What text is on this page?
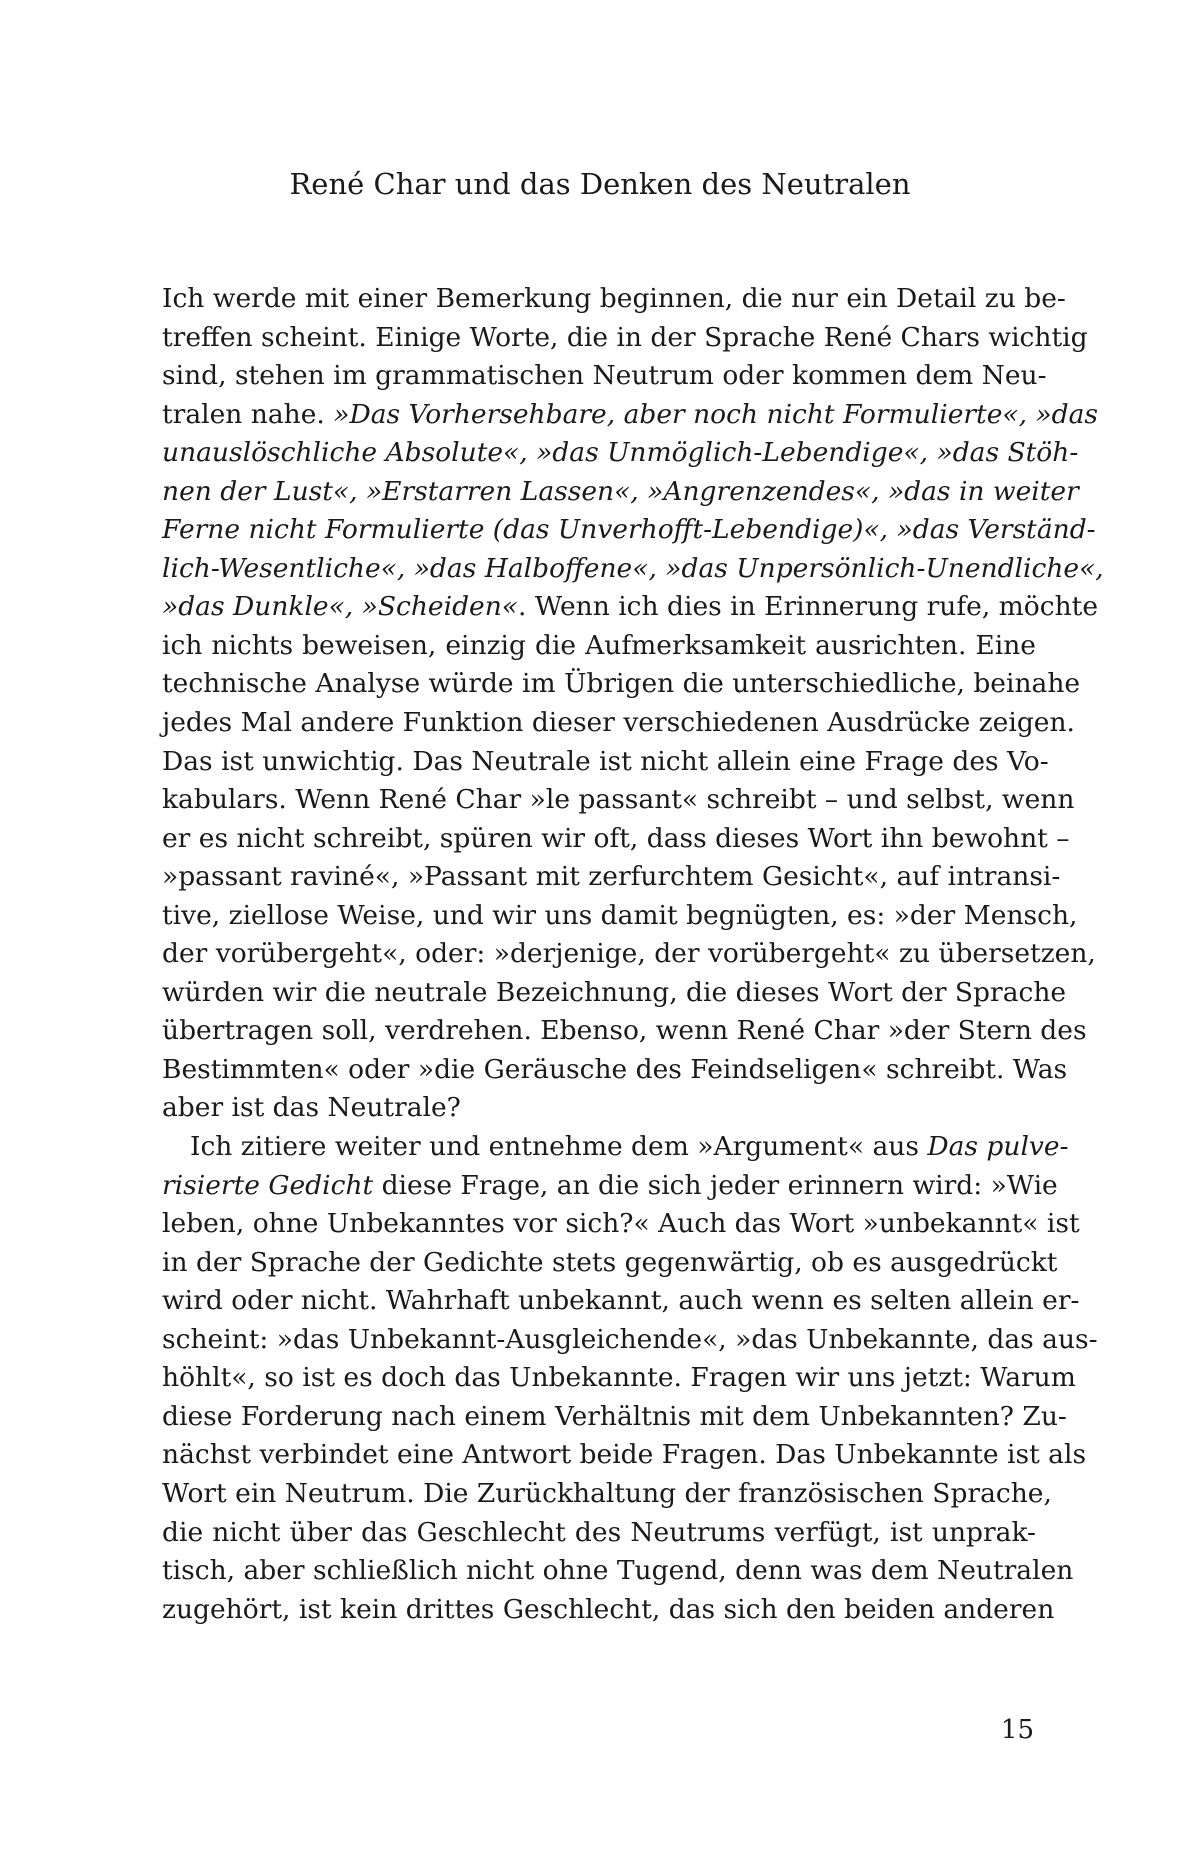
René Char und das Denken des Neutralen
Ich werde mit einer Bemerkung beginnen, die nur ein Detail zu be-
treffen scheint. Einige Worte, die in der Sprache René Chars wichtig
sind, stehen im grammatischen Neutrum oder kommen dem Neu-
tralen nahe. »Das Vorhersehbare, aber noch nicht Formulierte«, »das
unauslöschliche Absolute«, »das Unmöglich-Lebendige«, »das Stöh-
nen der Lust«, »Erstarren Lassen«, »Angrenzendes«, »das in weiter
Ferne nicht Formulierte (das Unverhofft-Lebendige)«, »das Verständ-
lich-Wesentliche«, »das Halboffene«, »das Unpersönlich-Unendliche«,
»das Dunkle«, »Scheiden«. Wenn ich dies in Erinnerung rufe, möchte
ich nichts beweisen, einzig die Aufmerksamkeit ausrichten. Eine
technische Analyse würde im Übrigen die unterschiedliche, beinahe
jedes Mal andere Funktion dieser verschiedenen Ausdrücke zeigen.
Das ist unwichtig. Das Neutrale ist nicht allein eine Frage des Vo-
kabulars. Wenn René Char »le passant« schreibt – und selbst, wenn
er es nicht schreibt, spüren wir oft, dass dieses Wort ihn bewohnt –
»passant raviné«, »Passant mit zerfurchtem Gesicht«, auf intransi-
tive, ziellose Weise, und wir uns damit begnügten, es: »der Mensch,
der vorübergeht«, oder: »derjenige, der vorübergeht« zu übersetzen,
würden wir die neutrale Bezeichnung, die dieses Wort der Sprache
übertragen soll, verdrehen. Ebenso, wenn René Char »der Stern des
Bestimmten« oder »die Geräusche des Feindseligen« schreibt. Was
aber ist das Neutrale?
Ich zitiere weiter und entnehme dem »Argument« aus Das pulve-
risierte Gedicht diese Frage, an die sich jeder erinnern wird: »Wie
leben, ohne Unbekanntes vor sich?« Auch das Wort »unbekannt« ist
in der Sprache der Gedichte stets gegenwärtig, ob es ausgedrückt
wird oder nicht. Wahrhaft unbekannt, auch wenn es selten allein er-
scheint: »das Unbekannt-Ausgleichende«, »das Unbekannte, das aus-
höhlt«, so ist es doch das Unbekannte. Fragen wir uns jetzt: Warum
diese Forderung nach einem Verhältnis mit dem Unbekannten? Zu-
nächst verbindet eine Antwort beide Fragen. Das Unbekannte ist als
Wort ein Neutrum. Die Zurückhaltung der französischen Sprache,
die nicht über das Geschlecht des Neutrums verfügt, ist unprak-
tisch, aber schließlich nicht ohne Tugend, denn was dem Neutralen
zugehört, ist kein drittes Geschlecht, das sich den beiden anderen
15
